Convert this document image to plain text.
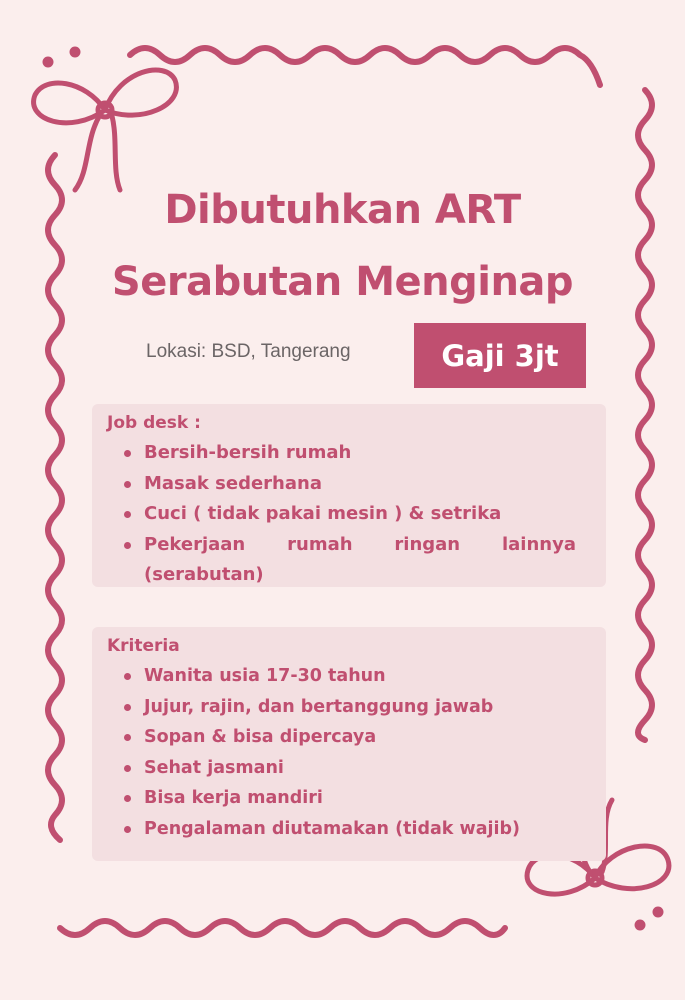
Dibutuhkan ART
Serabutan Menginap
Lokasi: BSD, Tangerang	Gaji 3jt
Job desk :
Bersih-bersih rumah
Masak sederhana
Cuci ( tidak pakai mesin ) & setrika
Pekerjaan rumah ringan lainnya (serabutan)
Kriteria
Wanita usia 17-30 tahun
Jujur, rajin, dan bertanggung jawab
Sopan & bisa dipercaya
Sehat jasmani
Bisa kerja mandiri
Pengalaman diutamakan (tidak wajib)
